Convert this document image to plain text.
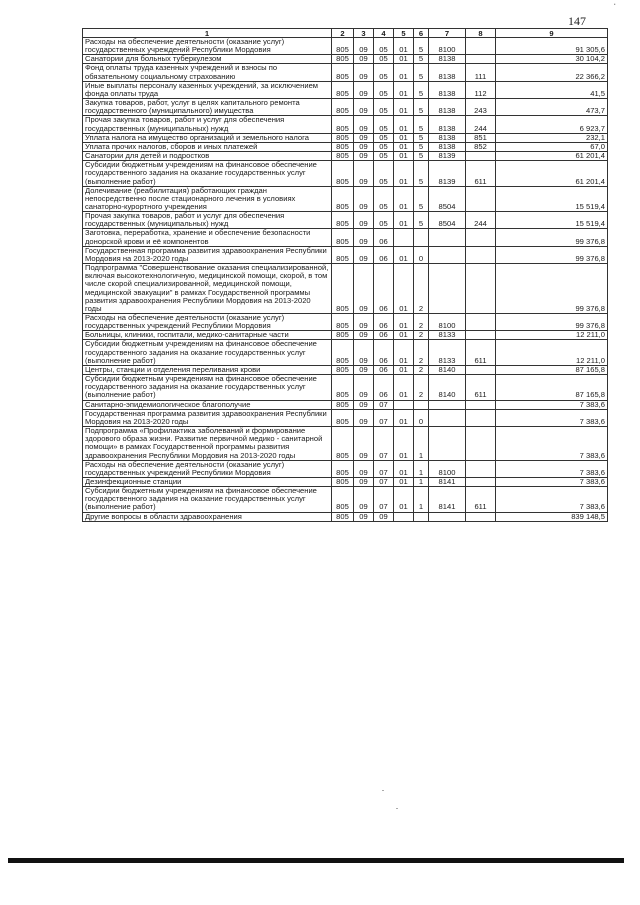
·
147
1	2	3	4	5	6	7	8	9
Расходы на обеспечение деятельности (оказание услуг) государственных учреждений Республики Мордовия	805	09	05	01	5	8100		91 305,6
Санатории для больных туберкулезом	805	09	05	01	5	8138		30 104,2
Фонд оплаты труда казенных учреждений и взносы по обязательному социальному страхованию	805	09	05	01	5	8138	111	22 366,2
Иные выплаты персоналу казенных учреждений, за исключением фонда оплаты труда	805	09	05	01	5	8138	112	41,5
Закупка товаров, работ, услуг в целях капитального ремонта государственного (муниципального) имущества	805	09	05	01	5	8138	243	473,7
Прочая закупка товаров, работ и услуг для обеспечения государственных (муниципальных) нужд	805	09	05	01	5	8138	244	6 923,7
Уплата налога на имущество организаций и земельного налога	805	09	05	01	5	8138	851	232,1
Уплата прочих налогов, сборов и иных платежей	805	09	05	01	5	8138	852	67,0
Санатории для детей и подростков	805	09	05	01	5	8139		61 201,4
Субсидии бюджетным учреждениям на финансовое обеспечение государственного задания на оказание государственных услуг (выполнение работ)	805	09	05	01	5	8139	611	61 201,4
Долечивание (реабилитация) работающих граждан непосредственно после стационарного лечения в условиях санаторно-курортного учреждения	805	09	05	01	5	8504		15 519,4
Прочая закупка товаров, работ и услуг для обеспечения государственных (муниципальных) нужд	805	09	05	01	5	8504	244	15 519,4
Заготовка, переработка, хранение и обеспечение безопасности донорской крови и её компонентов	805	09	06					99 376,8
Государственная программа развития здравоохранения Республики Мордовия на 2013-2020 годы	805	09	06	01	0			99 376,8
Подпрограмма "Совершенствование оказания специализированной, включая высокотехнологичную, медицинской помощи, скорой, в том числе скорой специализированной, медицинской помощи, медицинской эвакуации" в рамках Государственной программы развития здравоохранения Республики Мордовия на 2013-2020 годы	805	09	06	01	2			99 376,8
Расходы на обеспечение деятельности (оказание услуг) государственных учреждений Республики Мордовия	805	09	06	01	2	8100		99 376,8
Больницы, клиники, госпитали, медико-санитарные части	805	09	06	01	2	8133		12 211,0
Субсидии бюджетным учреждениям на финансовое обеспечение государственного задания на оказание государственных услуг (выполнение работ)	805	09	06	01	2	8133	611	12 211,0
Центры, станции и отделения переливания крови	805	09	06	01	2	8140		87 165,8
Субсидии бюджетным учреждениям на финансовое обеспечение государственного задания на оказание государственных услуг (выполнение работ)	805	09	06	01	2	8140	611	87 165,8
Санитарно-эпидемиологическое благополучие	805	09	07					7 383,6
Государственная программа развития здравоохранения Республики Мордовия на 2013-2020 годы	805	09	07	01	0			7 383,6
Подпрограмма «Профилактика заболеваний и формирование здорового образа жизни. Развитие первичной медико - санитарной помощи» в рамках Государственной программы развития здравоохранения Республики Мордовия на 2013-2020 годы	805	09	07	01	1			7 383,6
Расходы на обеспечение деятельности (оказание услуг) государственных учреждений Республики Мордовия	805	09	07	01	1	8100		7 383,6
Дезинфекционные станции	805	09	07	01	1	8141		7 383,6
Субсидии бюджетным учреждениям на финансовое обеспечение государственного задания на оказание государственных услуг (выполнение работ)	805	09	07	01	1	8141	611	7 383,6
Другие вопросы в области здравоохранения	805	09	09					839 148,5
